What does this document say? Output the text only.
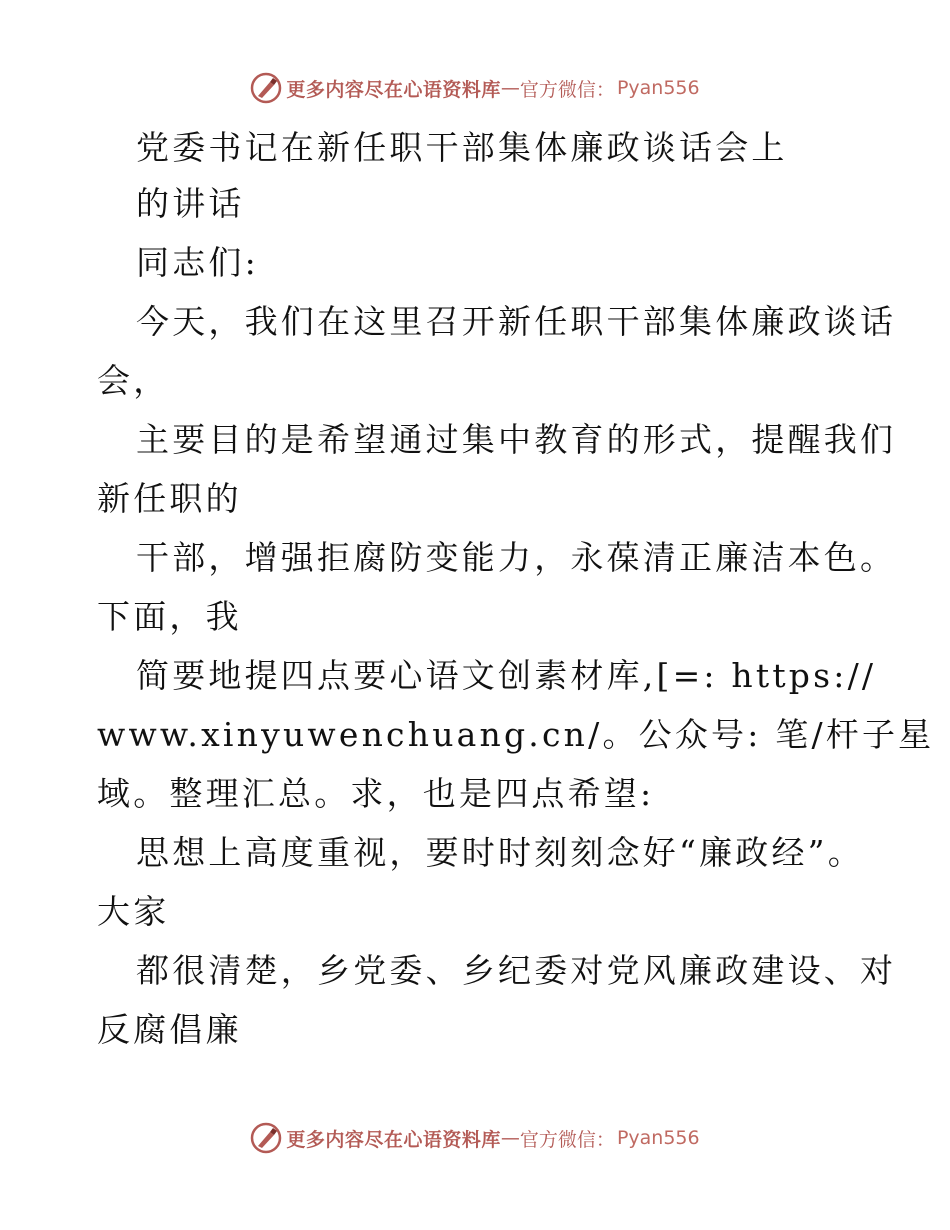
更多内容尽在心语资料库 — 官方微信： Pyan556
党委书记在新任职干部集体廉政谈话会上
的讲话
同志们:
今天，我们在这里召开新任职干部集体廉政谈话
会，
主要目的是希望通过集中教育的形式，提醒我们
新任职的
干部，增强拒腐防变能力，永葆清正廉洁本色。
下面，我
简要地提四点要心语文创素材库,[=: https://
www.xinyuwenchuang.cn/。公众号: 笔/杆子星
域。整理汇总。求，也是四点希望:
思想上高度重视，要时时刻刻念好“廉政经”。
大家
都很清楚，乡党委、乡纪委对党风廉政建设、对
反腐倡廉
更多内容尽在心语资料库 — 官方微信： Pyan556
